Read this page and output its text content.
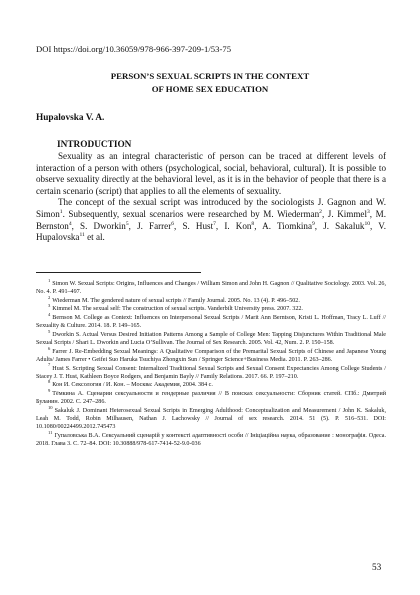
DOI https://doi.org/10.36059/978-966-397-209-1/53-75
PERSON’S SEXUAL SCRIPTS IN THE CONTEXT
OF HOME SEX EDUCATION
Hupalovska V. A.
INTRODUCTION

Sexuality as an integral characteristic of person can be traced at different levels of interaction of a person with others (psychological, social, behavioral, cultural). It is possible to observe sexuality directly at the behavioral level, as it is in the behavior of people that there is a certain scenario (script) that applies to all the elements of sexuality.

The concept of the sexual script was introduced by the sociologists J. Gagnon and W. Simon$^1$. Subsequently, sexual scenarios were researched by M. Wiederman$^2$, J. Kimmel$^3$, M. Bernston$^4$, S. Dworkin$^5$, J. Farrer$^6$, S. Hust$^7$, I. Kon$^8$, A. Tiomkina$^9$, J. Sakaluk$^{10}$, V. Hupalovska$^{11}$ et al.

$^1$Simon W. Sexual Scripts: Origins, Influences and Changes / William Simon and John H. Gagnon // Qualitative Sociology. 2003. Vol. 26, No. 4. P. 491–497.
$^2$Wiederman M. The gendered nature of sexual scripts // Family Journal. 2005. No. 13 (4). P. 496–502.
$^3$Kimmel M. The sexual self: The construction of sexual scripts. Vanderbilt University press. 2007. 322.
$^4$Bernson M. College as Context: Influences on Interpersonal Sexual Scripts / Marit Ann Berntson, Kristi L. Hoffman, Tracy L. Luff // Sexuality & Culture. 2014. 18. P. 149–165.
$^5$Dworkin S. Actual Versus Desired Initiation Patterns Among a Sample of College Men: Tapping Disjunctures Within Traditional Male Sexual Scripts / Shari L. Dworkin and Lucia O’Sullivan. The Journal of Sex Research. 2005. Vol. 42, Num. 2. P. 150–158.
$^6$Farrer J. Re-Embedding Sexual Meanings: A Qualitative Comparison of the Premarital Sexual Scripts of Chinese and Japanese Young Adults/ James Farrer • Geifei Suo Haruka Tsuchiya Zhongxin Sun / Springer Science+Business Media. 2011. P. 263–286.
$^7$Hust S. Scripting Sexual Consent: Internalized Traditional Sexual Scripts and Sexual Consent Expectancies Among College Students / Stacey J. T. Hust, Kathleen Boyce Rodgers, and Benjamin Bayly // Family Relations. 2017. 66. P. 197–210.
$^8$Кон И. Сексология / И. Кон. – Москва: Академия, 2004. 384 с.
$^9$Тёмкина А. Сценарии сексуальности и гендерные различия // В поисках сексуальности: Сборник статей. СПб.: Дмитрий Буланин. 2002. С. 247–286.
$^{10}$Sakaluk J. Dominant Heterosexual Sexual Scripts in Emerging Adulthood: Conceptualization and Measurement / John K. Sakaluk, Leah M. Todd, Robin Milhausen, Nathan J. Lachowsky // Journal of sex research. 2014. 51 (5). P. 516–531. DOI: 10.1080/00224499.2012.745473
$^{11}$Гупаловська В.А. Сексуальний сценарій у контексті адаптивності особи // Ініціаційна наука, образование : монографія. Одеса. 2018. Глава 3. С. 72–84. DOI: 10.30888/978-617-7414-52-9.0-036
53
